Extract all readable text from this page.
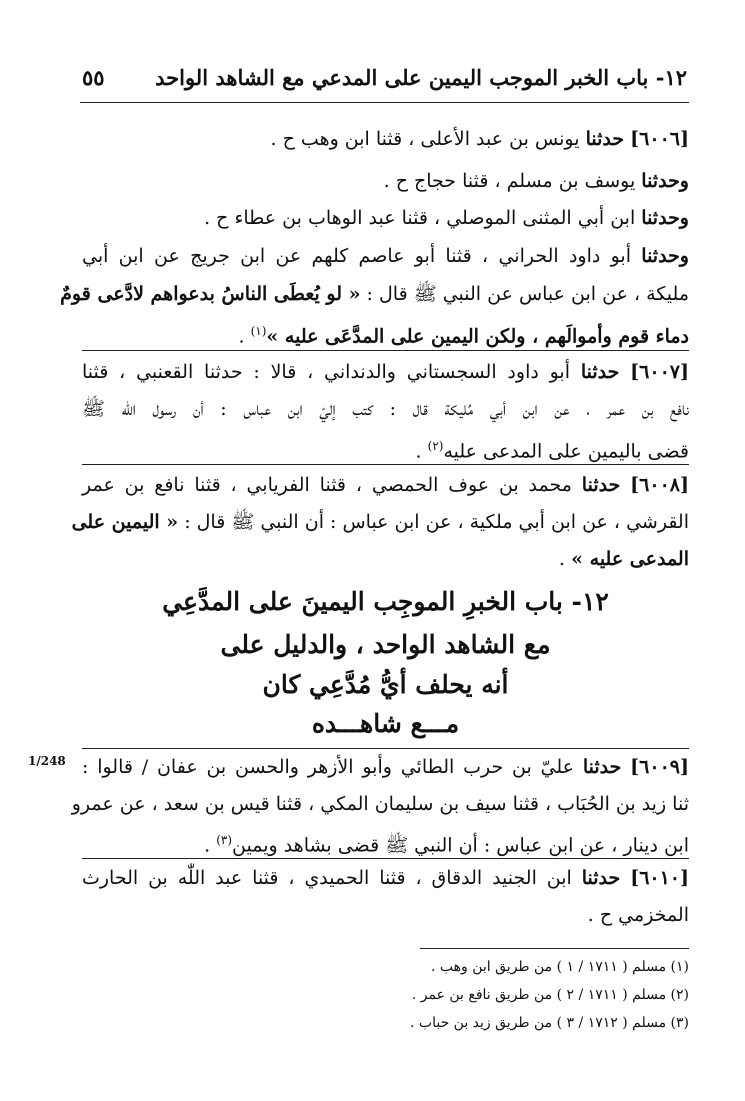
١٢- باب الخبر الموجب اليمين على المدعي مع الشاهد الواحد
٥٥
[٦٠٠٦] حدثنا يونس بن عبد الأعلى ، قثنا ابن وهب ح .
وحدثنا يوسف بن مسلم ، قثنا حجاج ح .
وحدثنا ابن أبي المثنى الموصلي ، قثنا عبد الوهاب بن عطاء ح .
وحدثنا أبو داود الحراني ، قثنا أبو عاصم كلهم عن ابن جريج عن ابن أبي
مليكة ، عن ابن عباس عن النبي ﷺ قال : « لو يُعطَى الناسُ بدعواهم لادَّعى قومٌ
دماء قوم وأموالَهم ، ولكن اليمين على المدَّعَى عليه »$^{(١)}$ .
[٦٠٠٧] حدثنا أبو داود السجستاني والدنداني ، قالا : حدثنا القعنبي ، قثنا
نافع بن عمر ، عن ابن أبي مُليكة قال : كتب إليّ ابن عباس : أن رسول اللّٰه ﷺ
قضى باليمين على المدعى عليه$^{(٢)}$ .
[٦٠٠٨] حدثنا محمد بن عوف الحمصي ، قثنا الفريابي ، قثنا نافع بن عمر
القرشي ، عن ابن أبي ملكية ، عن ابن عباس : أن النبي ﷺ قال : « اليمين على
المدعى عليه » .
١٢- باب الخبرِ الموجِب اليمينَ على المدَّعِي
مع الشاهد الواحد ، والدليل على
أنه يحلف أيُّ مُدَّعِي كان
مـــع شاهـــده
1/248	[٦٠٠٩] حدثنا عليّ بن حرب الطائي وأبو الأزهر والحسن بن عفان / قالوا :
ثنا زيد بن الحُبَاب ، قثنا سيف بن سليمان المكي ، قثنا قيس بن سعد ، عن عمرو
ابن دينار ، عن ابن عباس : أن النبي ﷺ قضى بشاهد ويمين$^{(٣)}$ .
[٦٠١٠] حدثنا ابن الجنيد الدقاق ، قثنا الحميدي ، قثنا عبد اللّٰه بن الحارث
المخزمي ح .
(١) مسلم ( ١٧١١ / ١ ) من طريق ابن وهب .
(٢) مسلم ( ١٧١١ / ٢ ) من طريق نافع بن عمر .
(٣) مسلم ( ١٧١٢ / ٣ ) من طريق زيد بن حباب .
